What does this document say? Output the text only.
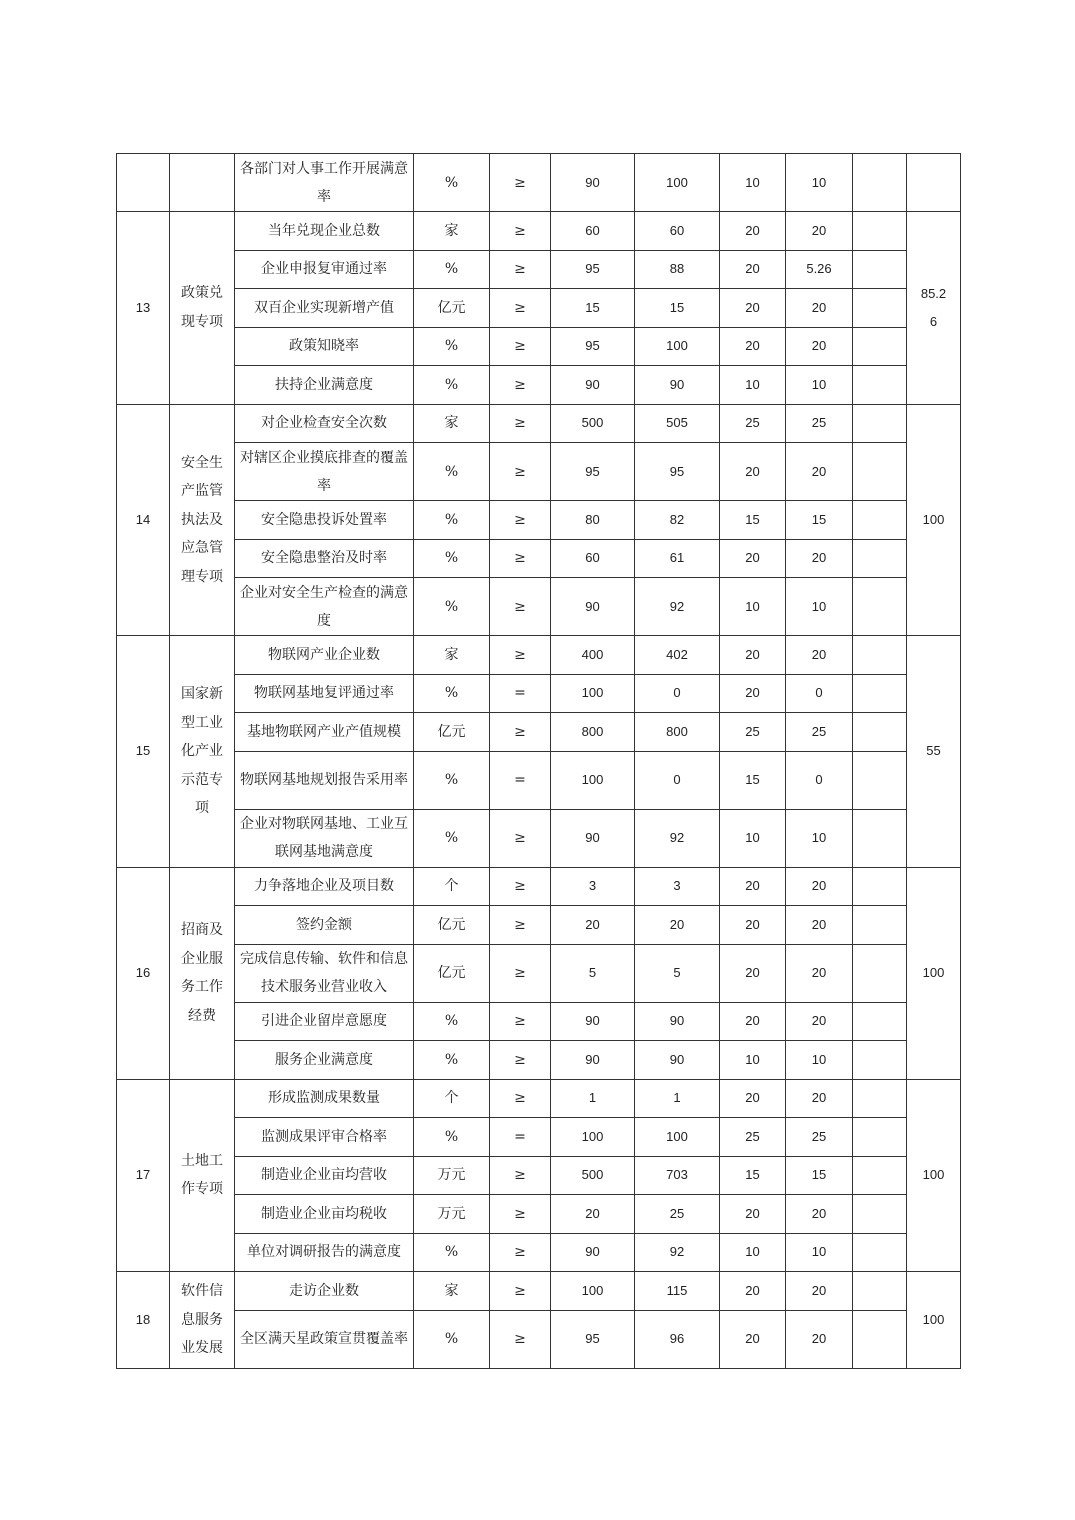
		各部门对人事工作开展满意率	%	≥	90	100	10	10		
13	政策兑现专项	当年兑现企业总数	家	≥	60	60	20	20		85.26
		企业申报复审通过率	%	≥	95	88	20	5.26		
		双百企业实现新增产值	亿元	≥	15	15	20	20		
		政策知晓率	%	≥	95	100	20	20		
		扶持企业满意度	%	≥	90	90	10	10		
14	安全生产监管执法及应急管理专项	对企业检查安全次数	家	≥	500	505	25	25		100
		对辖区企业摸底排查的覆盖率	%	≥	95	95	20	20		
		安全隐患投诉处置率	%	≥	80	82	15	15		
		安全隐患整治及时率	%	≥	60	61	20	20		
		企业对安全生产检查的满意度	%	≥	90	92	10	10		
15	国家新型工业化产业示范专项	物联网产业企业数	家	≥	400	402	20	20		55
		物联网基地复评通过率	%	=	100	0	20	0		
		基地物联网产业产值规模	亿元	≥	800	800	25	25		
		物联网基地规划报告采用率	%	=	100	0	15	0		
		企业对物联网基地、工业互联网基地满意度	%	≥	90	92	10	10		
16	招商及企业服务工作经费	力争落地企业及项目数	个	≥	3	3	20	20		100
		签约金额	亿元	≥	20	20	20	20		
		完成信息传输、软件和信息技术服务业营业收入	亿元	≥	5	5	20	20		
		引进企业留岸意愿度	%	≥	90	90	20	20		
		服务企业满意度	%	≥	90	90	10	10		
17	土地工作专项	形成监测成果数量	个	≥	1	1	20	20		100
		监测成果评审合格率	%	=	100	100	25	25		
		制造业企业亩均营收	万元	≥	500	703	15	15		
		制造业企业亩均税收	万元	≥	20	25	20	20		
		单位对调研报告的满意度	%	≥	90	92	10	10		
18	软件信息服务业发展	走访企业数	家	≥	100	115	20	20		100
		全区满天星政策宣贯覆盖率	%	≥	95	96	20	20		
